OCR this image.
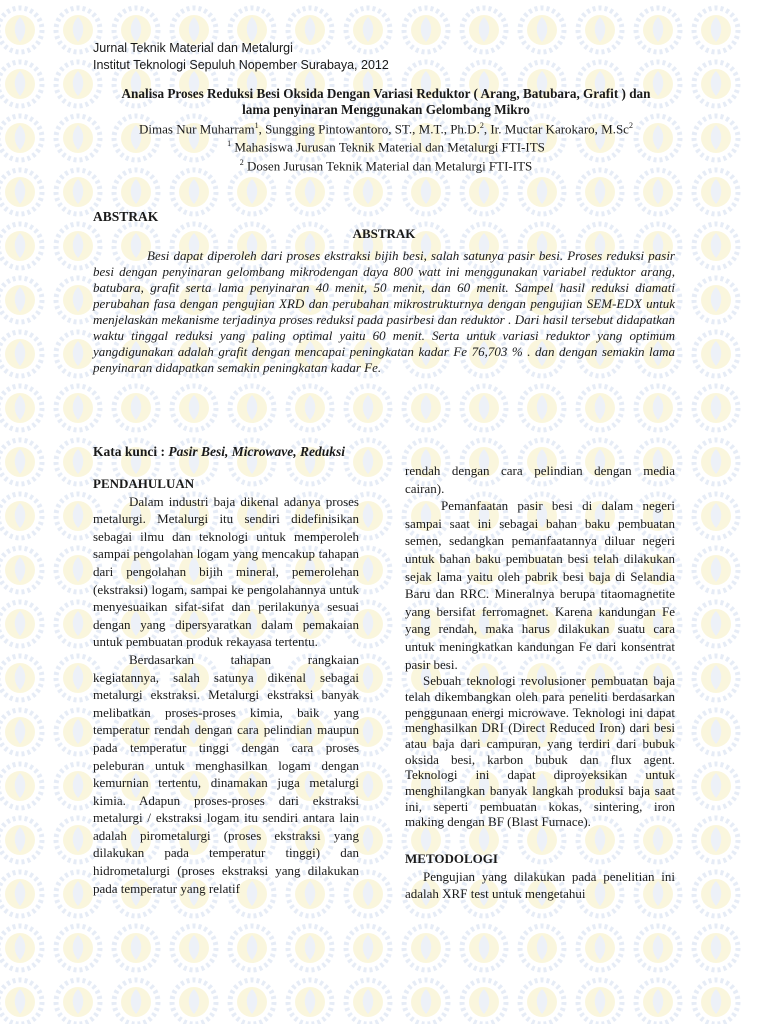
Jurnal Teknik Material dan Metalurgi
Institut Teknologi Sepuluh Nopember Surabaya, 2012
Analisa Proses Reduksi Besi Oksida Dengan Variasi Reduktor ( Arang, Batubara, Grafit ) dan
lama penyinaran Menggunakan Gelombang Mikro
Dimas Nur Muharram$^1$, Sungging Pintowantoro, ST., M.T., Ph.D.$^2$, Ir. Muctar Karokaro, M.Sc$^2$
$^1$ Mahasiswa Jurusan Teknik Material dan Metalurgi FTI-ITS
$^2$ Dosen Jurusan Teknik Material dan Metalurgi FTI-ITS
ABSTRAK
ABSTRAK

Besi dapat diperoleh dari proses ekstraksi bijih besi, salah satunya pasir besi. Proses reduksi pasir besi dengan penyinaran gelombang mikrodengan daya 800 watt ini menggunakan variabel reduktor arang, batubara, grafit serta lama penyinaran 40 menit, 50 menit, dan 60 menit. Sampel hasil reduksi diamati perubahan fasa dengan pengujian XRD dan perubahan mikrostrukturnya dengan pengujian SEM-EDX untuk menjelaskan mekanisme terjadinya proses reduksi pada pasirbesi dan reduktor . Dari hasil tersebut didapatkan waktu tinggal reduksi yang paling optimal yaitu 60 menit. Serta untuk variasi reduktor yang optimum yangdigunakan adalah grafit dengan mencapai peningkatan kadar Fe 76,703 % . dan dengan semakin lama penyinaran didapatkan semakin peningkatan kadar Fe.

Kata kunci : Pasir Besi, Microwave, Reduksi
PENDAHULUAN

Dalam industri baja dikenal adanya proses metalurgi. Metalurgi itu sendiri didefinisikan sebagai ilmu dan teknologi untuk memperoleh sampai pengolahan logam yang mencakup tahapan dari pengolahan bijih mineral, pemerolehan (ekstraksi) logam, sampai ke pengolahannya untuk menyesuaikan sifat-sifat dan perilakunya sesuai dengan yang dipersyaratkan dalam pemakaian untuk pembuatan produk rekayasa tertentu.

Berdasarkan tahapan rangkaian kegiatannya, salah satunya dikenal sebagai metalurgi ekstraksi. Metalurgi ekstraksi banyak melibatkan proses-proses kimia, baik yang temperatur rendah dengan cara pelindian maupun pada temperatur tinggi dengan cara proses peleburan untuk menghasilkan logam dengan kemurnian tertentu, dinamakan juga metalurgi kimia. Adapun proses-proses dari ekstraksi metalurgi / ekstraksi logam itu sendiri antara lain adalah pirometalurgi (proses ekstraksi yang dilakukan pada temperatur tinggi) dan hidrometalurgi (proses ekstraksi yang dilakukan pada temperatur yang relatif

rendah dengan cara pelindian dengan media cairan).

Pemanfaatan pasir besi di dalam negeri sampai saat ini sebagai bahan baku pembuatan semen, sedangkan pemanfaatannya diluar negeri untuk bahan baku pembuatan besi telah dilakukan sejak lama yaitu oleh pabrik besi baja di Selandia Baru dan RRC. Mineralnya berupa titaomagnetite yang bersifat ferromagnet. Karena kandungan Fe yang rendah, maka harus dilakukan suatu cara untuk meningkatkan kandungan Fe dari konsentrat pasir besi.

Sebuah teknologi revolusioner pembuatan baja telah dikembangkan oleh para peneliti berdasarkan penggunaan energi microwave. Teknologi ini dapat menghasilkan DRI (Direct Reduced Iron) dari besi atau baja dari campuran, yang terdiri dari bubuk oksida besi, karbon bubuk dan flux agent. Teknologi ini dapat diproyeksikan untuk menghilangkan banyak langkah produksi baja saat ini, seperti pembuatan kokas, sintering, iron making dengan BF (Blast Furnace).

METODOLOGI

Pengujian yang dilakukan pada penelitian ini adalah XRF test untuk mengetahui
